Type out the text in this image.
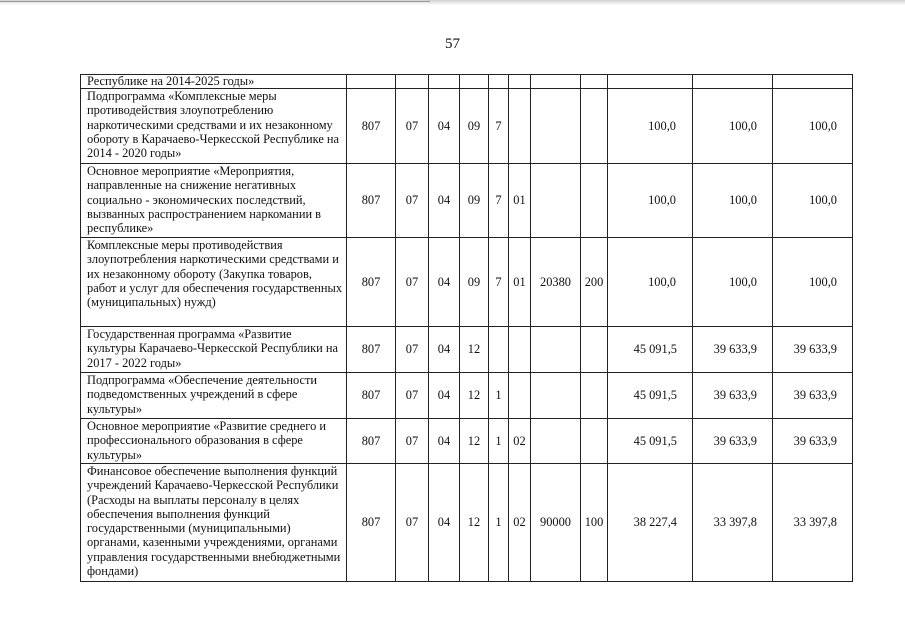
57
Республике на 2014-2025 годы»											
Подпрограмма «Комплексные меры противодействия злоупотреблению наркотическими средствами и их незаконному обороту в Карачаево-Черкесской Республике на 2014 - 2020 годы»	807	07	04	09	7				100,0	100,0	100,0
Основное мероприятие «Мероприятия, направленные на снижение негативных социально - экономических последствий, вызванных распространением наркомании в республике»	807	07	04	09	7	01			100,0	100,0	100,0
Комплексные меры противодействия злоупотребления наркотическими средствами и их незаконному обороту (Закупка товаров, работ и услуг для обеспечения государственных (муниципальных) нужд)	807	07	04	09	7	01	20380	200	100,0	100,0	100,0
Государственная программа «Развитие культуры Карачаево-Черкесской Республики на 2017 - 2022 годы»	807	07	04	12					45 091,5	39 633,9	39 633,9
Подпрограмма «Обеспечение деятельности подведомственных учреждений в сфере культуры»	807	07	04	12	1				45 091,5	39 633,9	39 633,9
Основное мероприятие «Развитие среднего и профессионального образования в сфере культуры»	807	07	04	12	1	02			45 091,5	39 633,9	39 633,9
Финансовое обеспечение выполнения функций учреждений Карачаево-Черкесской Республики (Расходы на выплаты персоналу в целях обеспечения выполнения функций государственными (муниципальными) органами, казенными учреждениями, органами управления государственными внебюджетными фондами)	807	07	04	12	1	02	90000	100	38 227,4	33 397,8	33 397,8
